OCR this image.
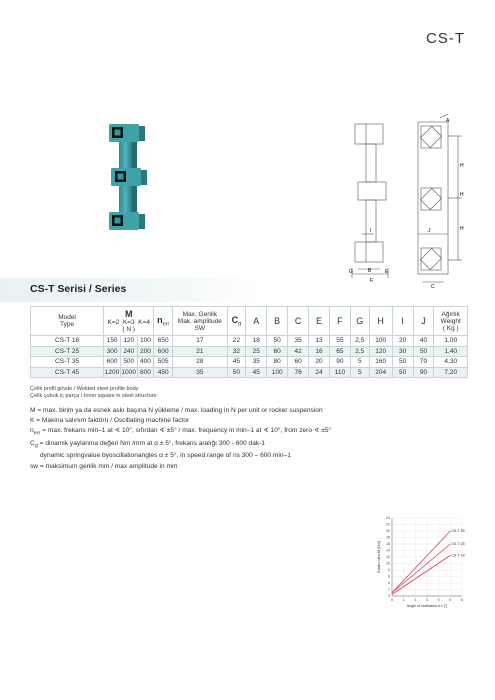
CS-T
A
H
H
H
I	J
C
G	B	E
F
CS-T Serisi / Series
Model
Type	M
K=2 K=3 K=4
( N )			$n_{err}$	Max. Genlik
Mak. amplitude
SW	$C_d$	A	B	C	E	F	G	H	I	J	Ağırlık
Weight
( Kg )
CS-T 18	150	120	100	650	17	22	18	50	35	13	55	2,5	100	20	40	1,00
CS-T 25	300	240	200	600	21	32	25	60	42	16	65	2,5	120	30	50	1,40
CS-T 35	600	500	400	505	28	45	35	80	60	20	90	5	160	50	70	4,30
CS-T 45	1200	1000	800	450	35	50	45	100	76	24	110	5	204	50	90	7,20
Çelik profil gövde / Welded steel profile body
Çelik çubuk iç parça / Inner square in steel structure
M = max. birim ya da esnek askı başına N yükleme / max. loading in N per unit or rocker suspension
K = Makina salınım faktörü / Oscillating machine factor
$n_{err} = \max$. frekans min–1 at ∢ 10°, sıfırdan ∢ ±5° / max. frequency in min–1 at ∢ 10°, from zero ∢ ±5°
$C_d$ = dinamik yaylanma değeri Nm /mm at α ± 5°, frekans aralığı 300 - 600 dak-1
dynamic springvalue byoscillationangles α ± 5°, in speed range of ns 300 – 600 min–1
sw = maksimum genlik mm / max amplitude in mm
0
2
4
6
8
10
12
14
16
18
20
22
24
0	1	2	3	4	5	6
CS-T 35
CS-T 25
CS-T 18
Angle of oscillation α ± [°]
Elastic ratio M [Nm]
